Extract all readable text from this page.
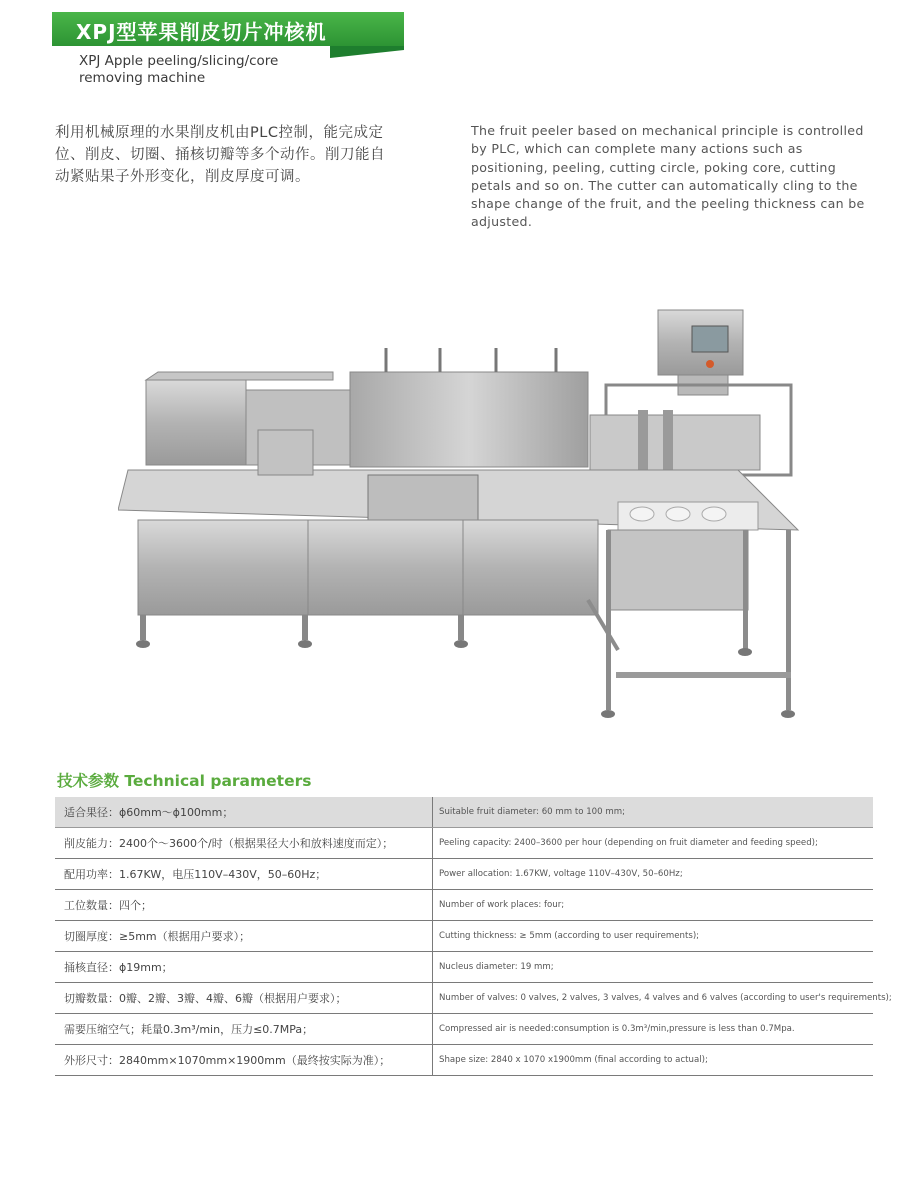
XPJ型苹果削皮切片冲核机
XPJ Apple peeling/slicing/core removing machine
利用机械原理的水果削皮机由PLC控制，能完成定位、削皮、切圈、捅核切瓣等多个动作。削刀能自动紧贴果子外形变化，削皮厚度可调。
The fruit peeler based on mechanical principle is controlled by PLC, which can complete many actions such as positioning, peeling, cutting circle, poking core, cutting petals and so on. The cutter can automatically cling to the shape change of the fruit, and the peeling thickness can be adjusted.
技术参数 Technical parameters
适合果径：ϕ60mm～ϕ100mm；	Suitable fruit diameter: 60 mm to 100 mm;
削皮能力：2400个～3600个/时（根据果径大小和放料速度而定）；	Peeling capacity: 2400–3600 per hour (depending on fruit diameter and feeding speed);
配用功率：1.67KW，电压110V–430V，50–60Hz；	Power allocation: 1.67KW, voltage 110V–430V, 50–60Hz;
工位数量：四个；	Number of work places: four;
切圈厚度：≥5mm（根据用户要求）；	Cutting thickness: ≥ 5mm (according to user requirements);
捅核直径：ϕ19mm；	Nucleus diameter: 19 mm;
切瓣数量：0瓣、2瓣、3瓣、4瓣、6瓣（根据用户要求）；	Number of valves: 0 valves, 2 valves, 3 valves, 4 valves and 6 valves (according to user's requirements);
需要压缩空气；耗量0.3m³/min，压力≤0.7MPa；	Compressed air is needed:consumption is 0.3m³/min,pressure is less than 0.7Mpa.
外形尺寸：2840mm×1070mm×1900mm（最终按实际为准）；	Shape size: 2840 x 1070 x1900mm (final according to actual);
